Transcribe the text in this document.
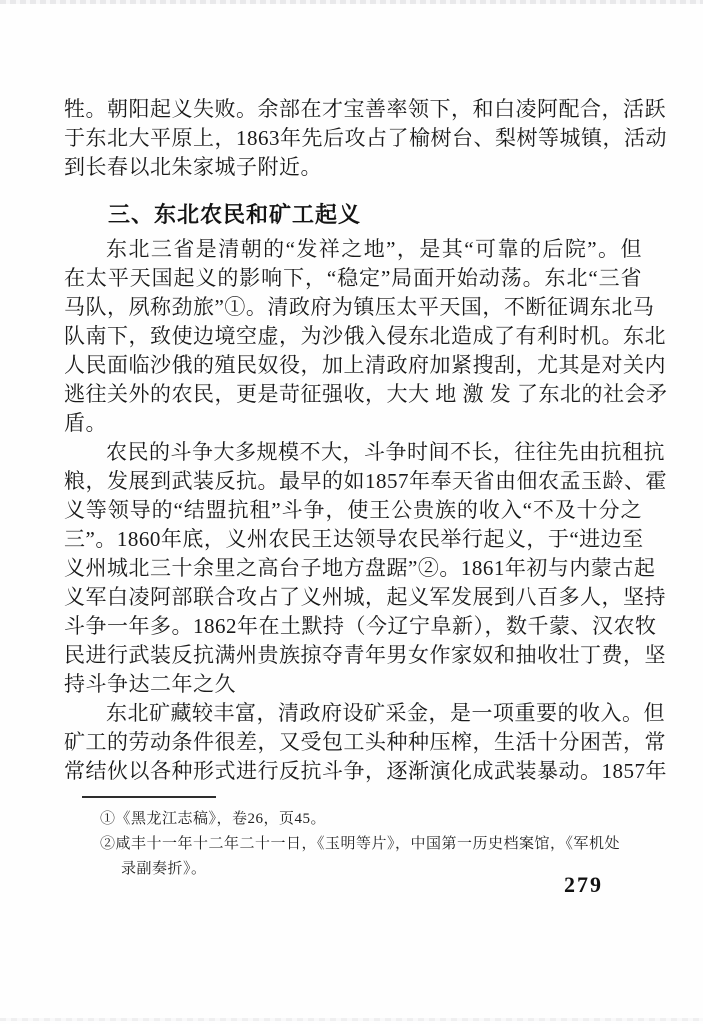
牲。朝阳起义失败。余部在才宝善率领下，和白凌阿配合，活跃
于东北大平原上，1863年先后攻占了榆树台、梨树等城镇，活动
到长春以北朱家城子附近。
三、东北农民和矿工起义
东北三省是清朝的“发祥之地”，是其“可靠的后院”。但
在太平天国起义的影响下，“稳定”局面开始动荡。东北“三省
马队，夙称劲旅”①。清政府为镇压太平天国，不断征调东北马
队南下，致使边境空虚，为沙俄入侵东北造成了有利时机。东北
人民面临沙俄的殖民奴役，加上清政府加紧搜刮，尤其是对关内
逃往关外的农民，更是苛征强收，大大 地 激 发 了东北的社会矛
盾。
农民的斗争大多规模不大，斗争时间不长，往往先由抗租抗
粮，发展到武装反抗。最早的如1857年奉天省由佃农孟玉龄、霍
义等领导的“结盟抗租”斗争，使王公贵族的收入“不及十分之
三”。1860年底，义州农民王达领导农民举行起义，于“进边至
义州城北三十余里之高台子地方盘踞”②。1861年初与内蒙古起
义军白凌阿部联合攻占了义州城，起义军发展到八百多人，坚持
斗争一年多。1862年在土默持（今辽宁阜新），数千蒙、汉农牧
民进行武装反抗满州贵族掠夺青年男女作家奴和抽收壮丁费，坚
持斗争达二年之久
东北矿藏较丰富，清政府设矿采金，是一项重要的收入。但
矿工的劳动条件很差，又受包工头种种压榨，生活十分困苦，常
常结伙以各种形式进行反抗斗争，逐渐演化成武装暴动。1857年
①《黑龙江志稿》，卷26，页45。
②咸丰十一年十二年二十一日，《玉明等片》，中国第一历史档案馆，《军机处
录副奏折》。
279
